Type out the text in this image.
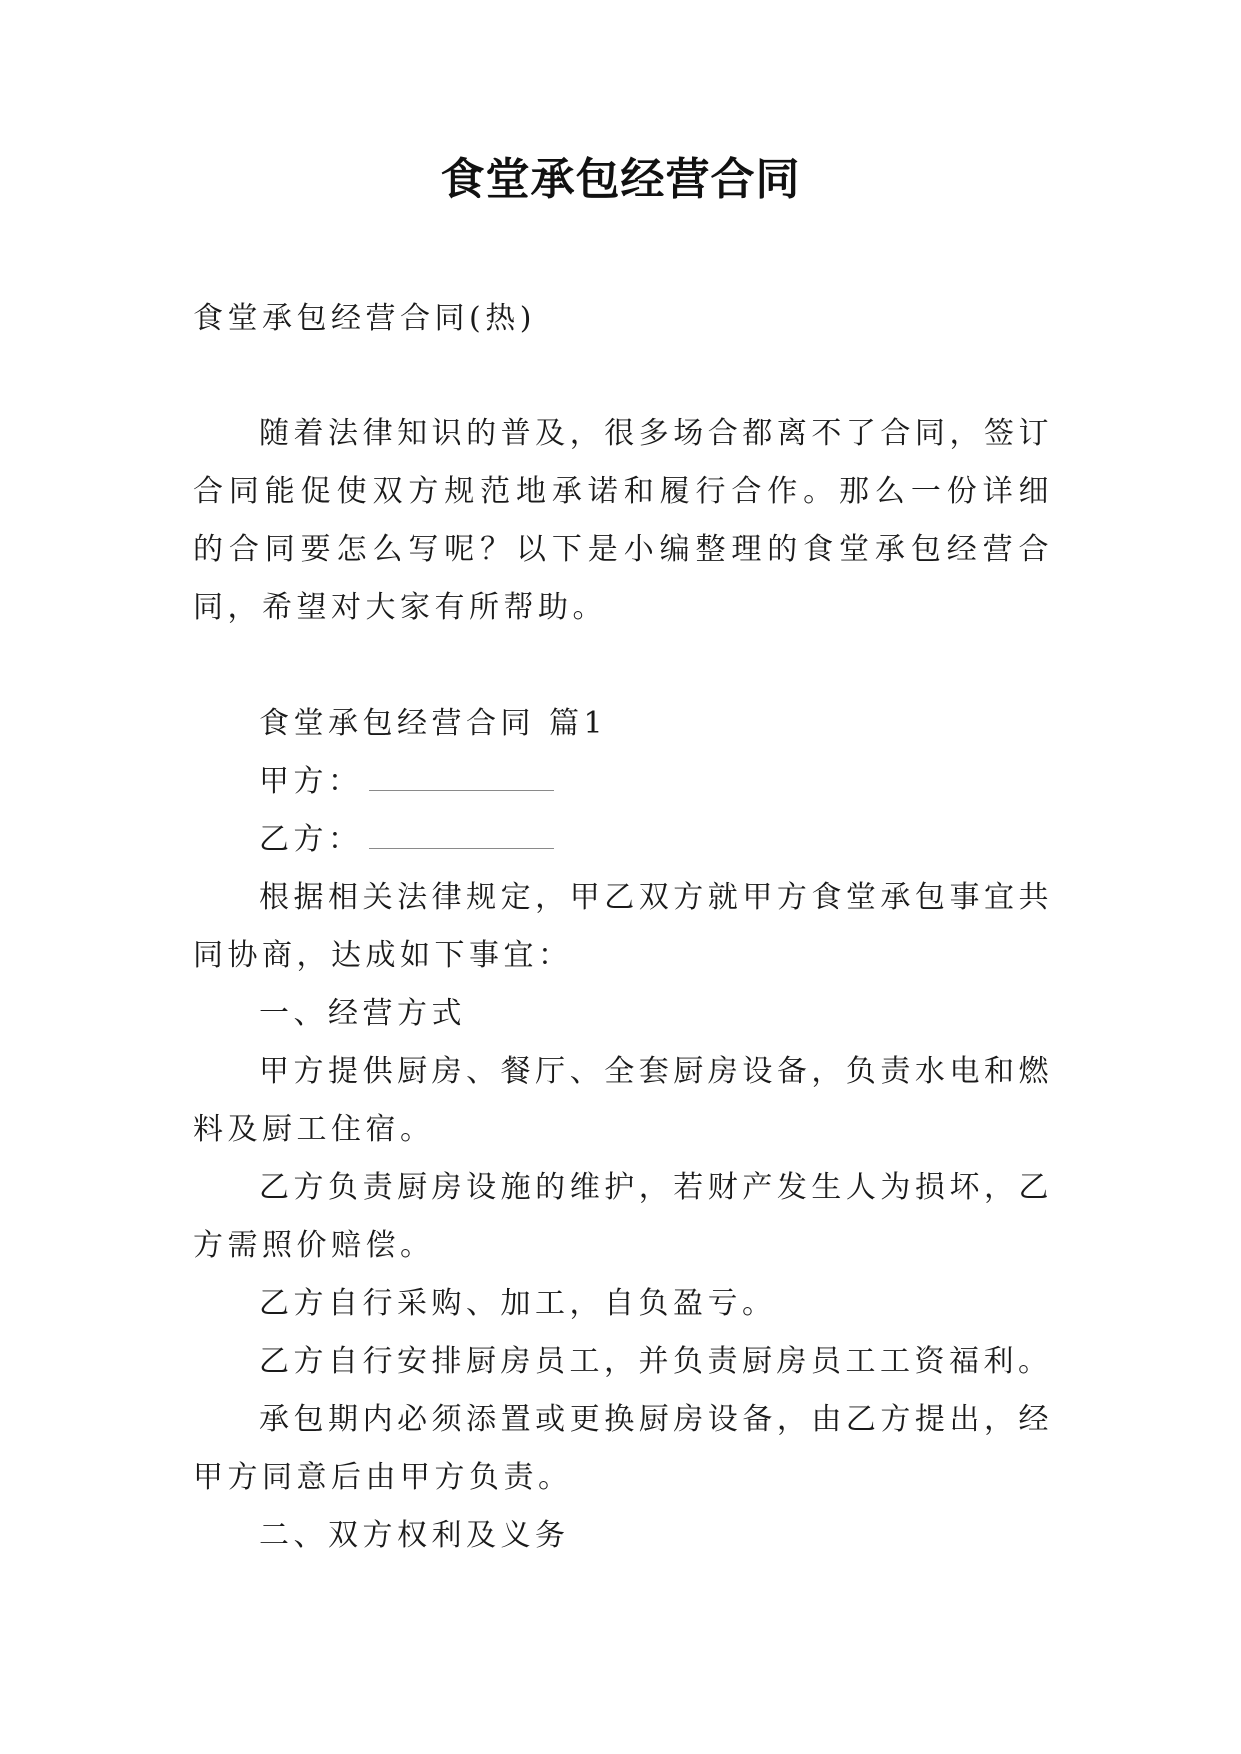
食堂承包经营合同
食堂承包经营合同(热)
随着法律知识的普及，很多场合都离不了合同，签订合同能促使双方规范地承诺和履行合作。那么一份详细的合同要怎么写呢？以下是小编整理的食堂承包经营合同，希望对大家有所帮助。

食堂承包经营合同 篇1

甲方：

乙方：

根据相关法律规定，甲乙双方就甲方食堂承包事宜共同协商，达成如下事宜：

一、经营方式

甲方提供厨房、餐厅、全套厨房设备，负责水电和燃料及厨工住宿。

乙方负责厨房设施的维护，若财产发生人为损坏，乙方需照价赔偿。

乙方自行采购、加工，自负盈亏。

乙方自行安排厨房员工，并负责厨房员工工资福利。

承包期内必须添置或更换厨房设备，由乙方提出，经甲方同意后由甲方负责。

二、双方权利及义务
